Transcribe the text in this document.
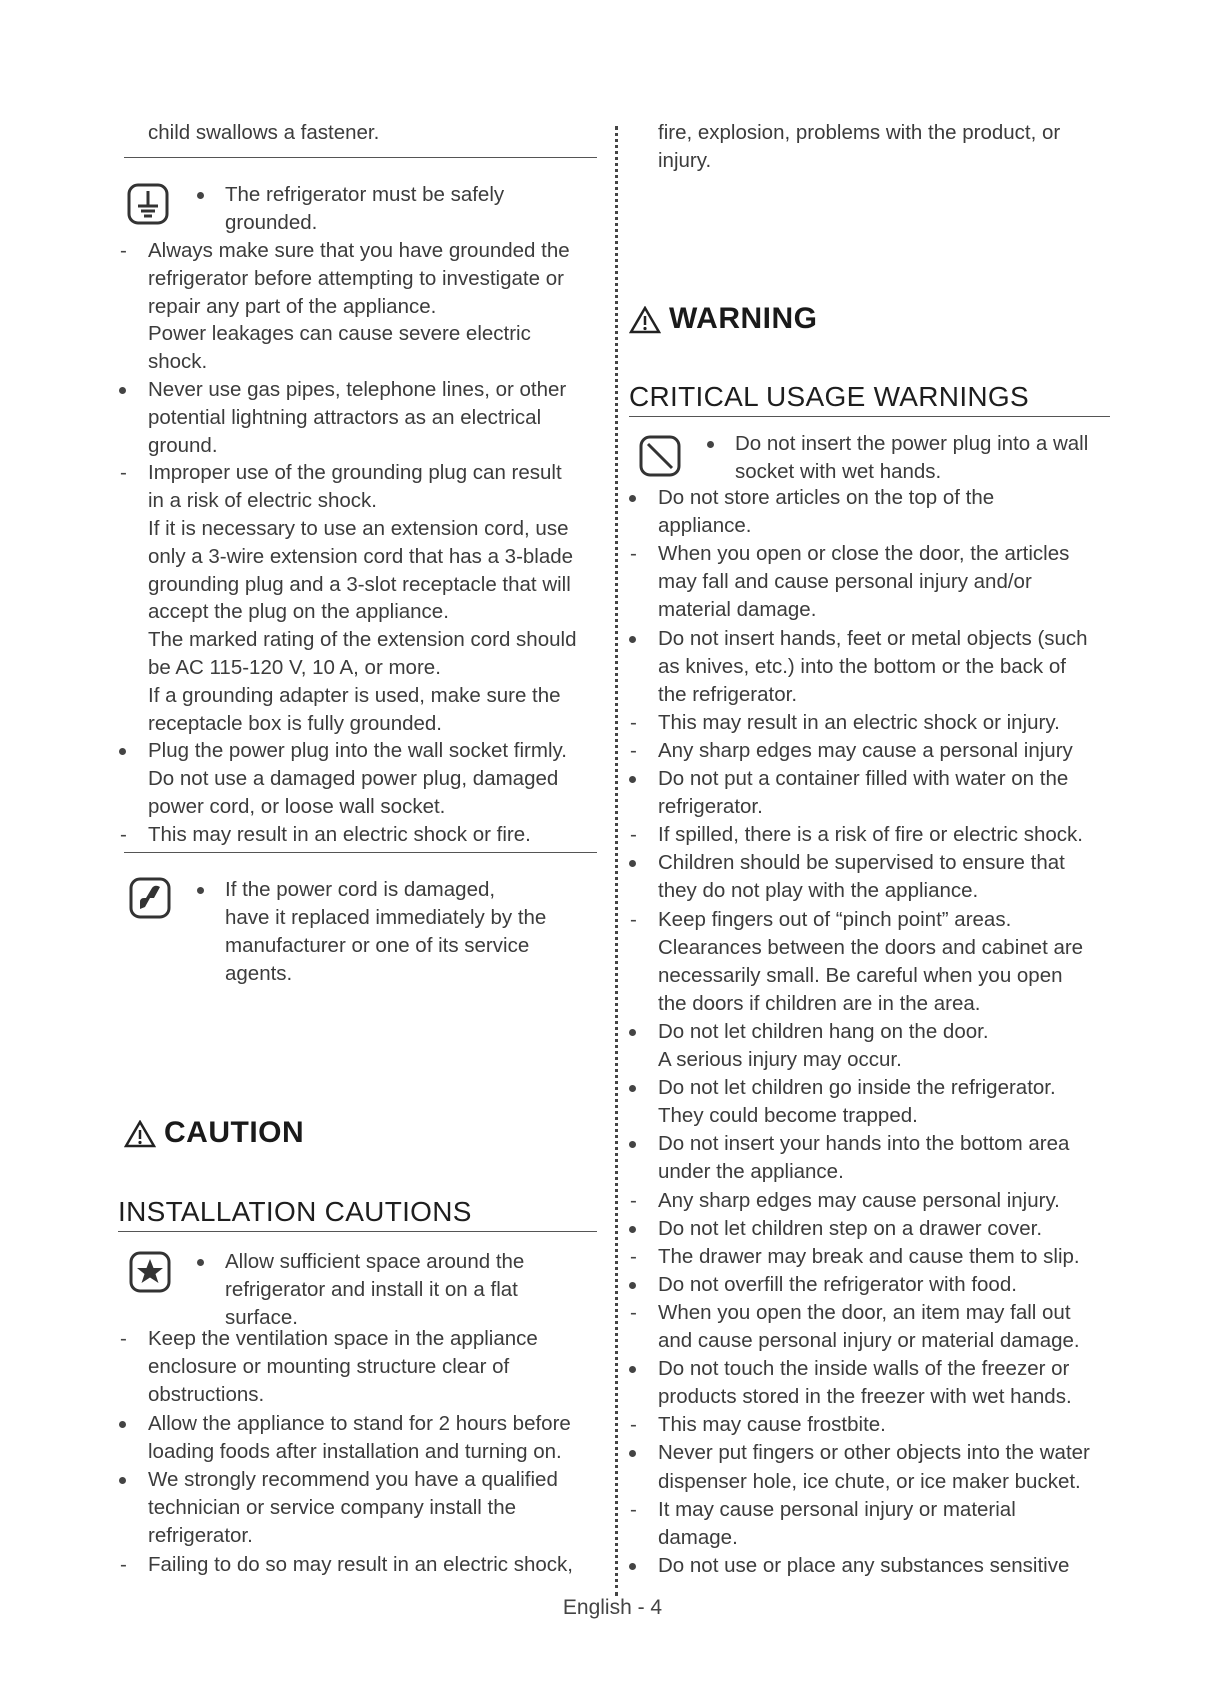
child swallows a fastener.
The refrigerator must be safely
grounded.
- Always make sure that you have grounded the
refrigerator before attempting to investigate or
repair any part of the appliance.
Power leakages can cause severe electric
shock.
Never use gas pipes, telephone lines, or other
potential lightning attractors as an electrical
ground.
- Improper use of the grounding plug can result
in a risk of electric shock.
If it is necessary to use an extension cord, use
only a 3-wire extension cord that has a 3-blade
grounding plug and a 3-slot receptacle that will
accept the plug on the appliance.
The marked rating of the extension cord should
be AC 115-120 V, 10 A, or more.
If a grounding adapter is used, make sure the
receptacle box is fully grounded.
Plug the power plug into the wall socket firmly.
Do not use a damaged power plug, damaged
power cord, or loose wall socket.
- This may result in an electric shock or fire.
If the power cord is damaged,
have it replaced immediately by the
manufacturer or one of its service
agents.
CAUTION
INSTALLATION CAUTIONS
Allow sufficient space around the
refrigerator and install it on a flat
surface.
- Keep the ventilation space in the appliance
enclosure or mounting structure clear of
obstructions.
Allow the appliance to stand for 2 hours before
loading foods after installation and turning on.
We strongly recommend you have a qualified
technician or service company install the
refrigerator.
- Failing to do so may result in an electric shock,
fire, explosion, problems with the product, or
injury.
WARNING
CRITICAL USAGE WARNINGS
Do not insert the power plug into a wall
socket with wet hands.
Do not store articles on the top of the
appliance.
- When you open or close the door, the articles
may fall and cause personal injury and/or
material damage.
Do not insert hands, feet or metal objects (such
as knives, etc.) into the bottom or the back of
the refrigerator.
- This may result in an electric shock or injury.
- Any sharp edges may cause a personal injury
Do not put a container filled with water on the
refrigerator.
- If spilled, there is a risk of fire or electric shock.
Children should be supervised to ensure that
they do not play with the appliance.
- Keep fingers out of “pinch point” areas.
Clearances between the doors and cabinet are
necessarily small. Be careful when you open
the doors if children are in the area.
Do not let children hang on the door.
A serious injury may occur.
Do not let children go inside the refrigerator.
They could become trapped.
Do not insert your hands into the bottom area
under the appliance.
- Any sharp edges may cause personal injury.
Do not let children step on a drawer cover.
- The drawer may break and cause them to slip.
Do not overfill the refrigerator with food.
- When you open the door, an item may fall out
and cause personal injury or material damage.
Do not touch the inside walls of the freezer or
products stored in the freezer with wet hands.
- This may cause frostbite.
Never put fingers or other objects into the water
dispenser hole, ice chute, or ice maker bucket.
- It may cause personal injury or material
damage.
Do not use or place any substances sensitive
English - 4
